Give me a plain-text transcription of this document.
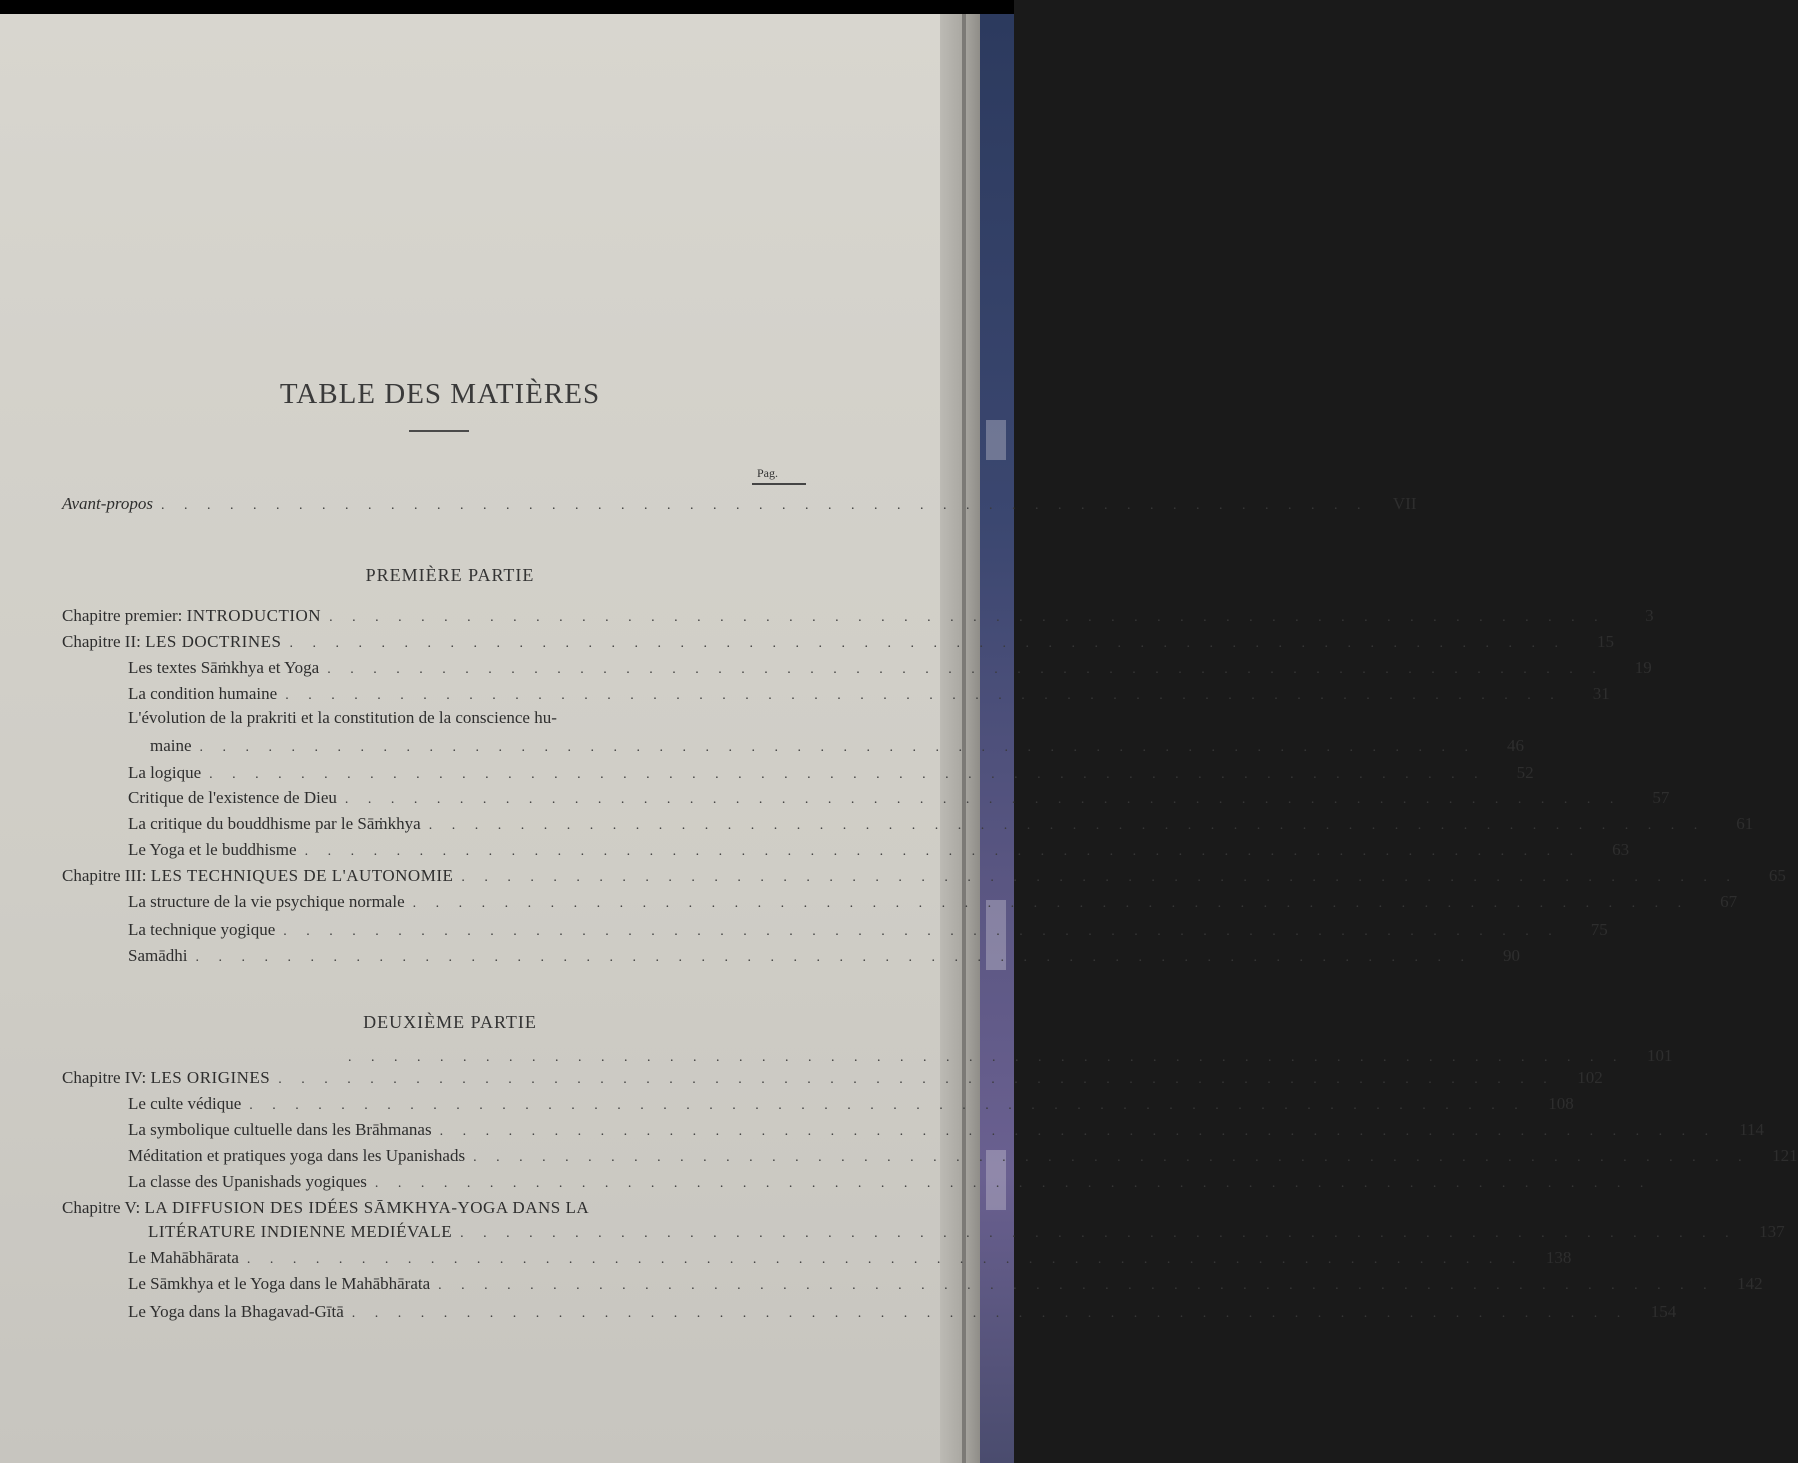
TABLE DES MATIÈRES
Pag.
Avant-propos . . . . . . . . . . . . . . . . . . . . . . . . . . . . . . . . . . . . . . . . . . . . . . . . . . . . .	VII
PREMIÈRE PARTIE
Chapitre premier: INTRODUCTION . . . . . . . . . . . . . . . . . . . . . . . . . . . . . . . . . . . . . . . . . . . . . . . . . . . . . . . .	3
Chapitre II: LES DOCTRINES . . . . . . . . . . . . . . . . . . . . . . . . . . . . . . . . . . . . . . . . . . . . . . . . . . . . . . . .	15
Les textes Sāṁkhya et Yoga . . . . . . . . . . . . . . . . . . . . . . . . . . . . . . . . . . . . . . . . . . . . . . . . . . . . . . . .	19
La condition humaine . . . . . . . . . . . . . . . . . . . . . . . . . . . . . . . . . . . . . . . . . . . . . . . . . . . . . . . .	31
L'évolution de la prakriti et la constitution de la conscience hu-
maine . . . . . . . . . . . . . . . . . . . . . . . . . . . . . . . . . . . . . . . . . . . . . . . . . . . . . . . .	46
La logique . . . . . . . . . . . . . . . . . . . . . . . . . . . . . . . . . . . . . . . . . . . . . . . . . . . . . . . .	52
Critique de l'existence de Dieu . . . . . . . . . . . . . . . . . . . . . . . . . . . . . . . . . . . . . . . . . . . . . . . . . . . . . . . .	57
La critique du bouddhisme par le Sāṁkhya . . . . . . . . . . . . . . . . . . . . . . . . . . . . . . . . . . . . . . . . . . . . . . . . . . . . . . . .	61
Le Yoga et le buddhisme . . . . . . . . . . . . . . . . . . . . . . . . . . . . . . . . . . . . . . . . . . . . . . . . . . . . . . . .	63
Chapitre III: LES TECHNIQUES DE L'AUTONOMIE . . . . . . . . . . . . . . . . . . . . . . . . . . . . . . . . . . . . . . . . . . . . . . . . . . . . . . . .	65
La structure de la vie psychique normale . . . . . . . . . . . . . . . . . . . . . . . . . . . . . . . . . . . . . . . . . . . . . . . . . . . . . . . .	67
La technique yogique . . . . . . . . . . . . . . . . . . . . . . . . . . . . . . . . . . . . . . . . . . . . . . . . . . . . . . . .	75
Samādhi . . . . . . . . . . . . . . . . . . . . . . . . . . . . . . . . . . . . . . . . . . . . . . . . . . . . . . . .	90
DEUXIÈME PARTIE
. . . . . . . . . . . . . . . . . . . . . . . . . . . . . . . . . . . . . . . . . . . . . . . . . . . . . . . .	101
Chapitre IV: LES ORIGINES . . . . . . . . . . . . . . . . . . . . . . . . . . . . . . . . . . . . . . . . . . . . . . . . . . . . . . . .	102
Le culte védique . . . . . . . . . . . . . . . . . . . . . . . . . . . . . . . . . . . . . . . . . . . . . . . . . . . . . . . .	108
La symbolique cultuelle dans les Brāhmanas . . . . . . . . . . . . . . . . . . . . . . . . . . . . . . . . . . . . . . . . . . . . . . . . . . . . . . . .	114
Méditation et pratiques yoga dans les Upanishads . . . . . . . . . . . . . . . . . . . . . . . . . . . . . . . . . . . . . . . . . . . . . . . . . . . . . . . .	121
La classe des Upanishads yogiques . . . . . . . . . . . . . . . . . . . . . . . . . . . . . . . . . . . . . . . . . . . . . . . . . . . . . . . .
Chapitre V: LA DIFFUSION DES IDÉES SĀMKHYA-YOGA DANS LA
LITÉRATURE INDIENNE MEDIÉVALE . . . . . . . . . . . . . . . . . . . . . . . . . . . . . . . . . . . . . . . . . . . . . . . . . . . . . . . .	137
Le Mahābhārata . . . . . . . . . . . . . . . . . . . . . . . . . . . . . . . . . . . . . . . . . . . . . . . . . . . . . . . .	138
Le Sāmkhya et le Yoga dans le Mahābhārata . . . . . . . . . . . . . . . . . . . . . . . . . . . . . . . . . . . . . . . . . . . . . . . . . . . . . . . .	142
Le Yoga dans la Bhagavad-Gītā . . . . . . . . . . . . . . . . . . . . . . . . . . . . . . . . . . . . . . . . . . . . . . . . . . . . . . . .	154
